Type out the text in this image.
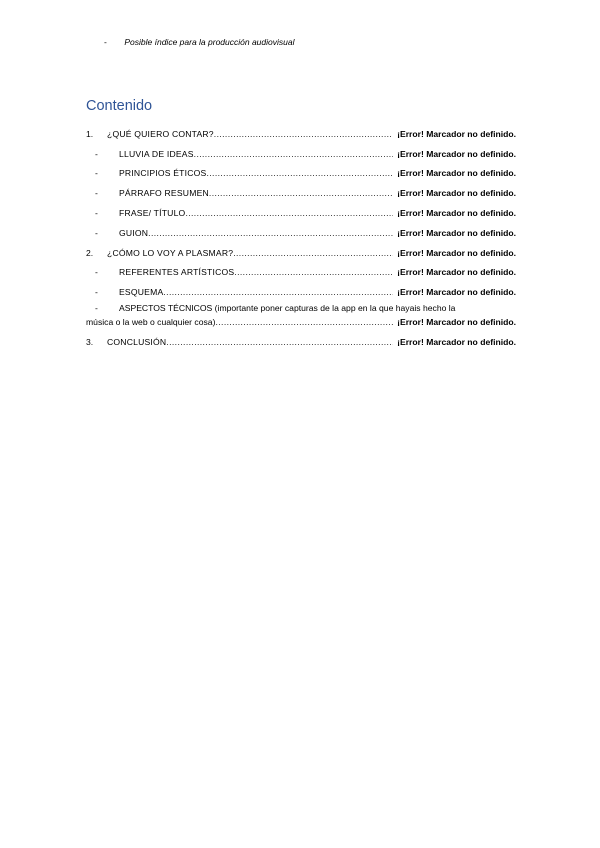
- Posible índice para la producción audiovisual
Contenido
1.	¿QUÉ QUIERO CONTAR? .....	¡Error! Marcador no definido.
-	LLUVIA DE IDEAS .....	¡Error! Marcador no definido.
-	PRINCIPIOS ÉTICOS .....	¡Error! Marcador no definido.
-	PÁRRAFO RESUMEN .....	¡Error! Marcador no definido.
-	FRASE/ TÍTULO .....	¡Error! Marcador no definido.
-	GUION .....	¡Error! Marcador no definido.
2.	¿CÓMO LO VOY A PLASMAR? .....	¡Error! Marcador no definido.
-	REFERENTES ARTÍSTICOS .....	¡Error! Marcador no definido.
-	ESQUEMA .....	¡Error! Marcador no definido.
-	ASPECTOS TÉCNICOS (importante poner capturas de la app en la que hayais hecho la
música o la web o cualquier cosa) .....	¡Error! Marcador no definido.
3.	CONCLUSIÓN .....	¡Error! Marcador no definido.
